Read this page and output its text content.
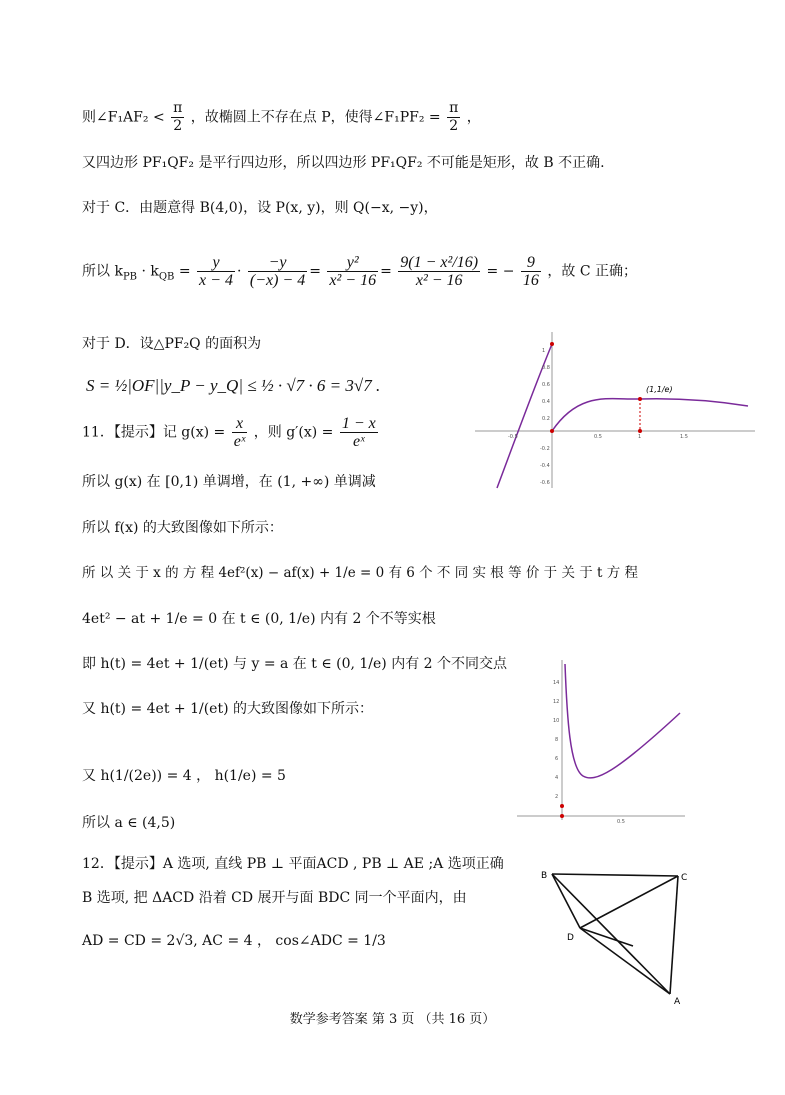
则∠F₁AF₂ < $\frac{\pi}{2}$ ，故椭圆上不存在点 P，使得∠F₁PF₂ = $\frac{\pi}{2}$ ，
又四边形 PF₁QF₂ 是平行四边形，所以四边形 PF₁QF₂ 不可能是矩形，故 B 不正确.
对于 C．由题意得 B(4,0)，设 P(x, y)，则 Q(−x, −y)，
所以 $k_{PB} \cdot k_{QB} = \frac{y}{x - 4} \cdot \frac{-y}{(-x) - 4} = \frac{\text{y²}}{\text{x² − 16}} = \frac{\text{9(1 − x²/16)}}{\text{x² − 16}}$ = − $\frac{9}{16}$ ，故 C 正确；
对于 D．设△PF₂Q 的面积为
S = ½|OF||y_P − y_Q| ≤ ½ · √7 · 6 = 3√7 .
11．【提示】记 $g(x) = \frac{x}{\text{eˣ}}$ ，则 $g'(x) = \frac{1 - x}{\text{eˣ}}$
所以 g(x) 在 [0,1) 单调增，在 (1, +∞) 单调减
所以 f(x) 的大致图像如下所示：
所 以 关 于 x 的 方 程 4ef²(x) − af(x) + 1/e = 0 有 6 个 不 同 实 根 等 价 于 关 于 t 方 程
4et² − at + 1/e = 0 在 t ∈ (0, 1/e) 内有 2 个不等实根
即 h(t) = 4et + 1/(et) 与 y = a 在 t ∈ (0, 1/e) 内有 2 个不同交点
又 h(t) = 4et + 1/(et) 的大致图像如下所示：
又 h(1/(2e)) = 4 ， h(1/e) = 5
所以 a ∈ (4,5)
12．【提示】A 选项, 直线 PB ⊥ 平面ACD , PB ⊥ AE ;A 选项正确
B 选项, 把 ΔACD 沿着 CD 展开与面 BDC 同一个平面内，由
AD = CD = 2√3, AC = 4 ， cos∠ADC = 1/3
(1,1/e)
-0.5	0.5	1	1.5
1
0.8
0.6
0.4
0.2
-0.2
-0.4
-0.6
14
12
10
8
6
4
2
0.5
B	C
D
A
数学参考答案 第 3 页 （共 16 页）
